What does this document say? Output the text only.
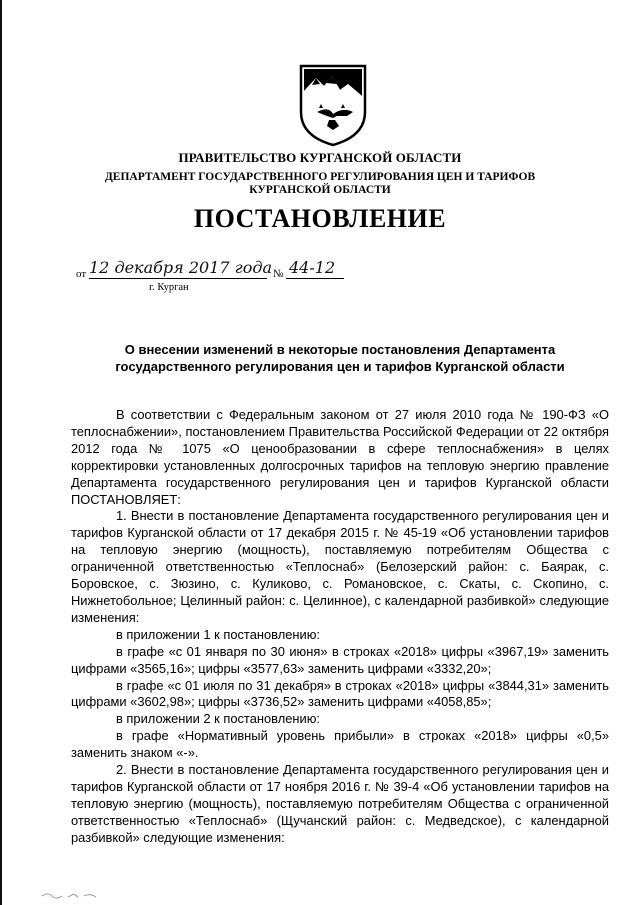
ПРАВИТЕЛЬСТВО КУРГАНСКОЙ ОБЛАСТИ
ДЕПАРТАМЕНТ ГОСУДАРСТВЕННОГО РЕГУЛИРОВАНИЯ ЦЕН И ТАРИФОВ
КУРГАНСКОЙ ОБЛАСТИ
ПОСТАНОВЛЕНИЕ
от 12 декабря 2017 года № 44-12
г. Курган
О внесении изменений в некоторые постановления Департамента государственного регулирования цен и тарифов Курганской области

В соответствии с Федеральным законом от 27 июля 2010 года № 190-ФЗ «О теплоснабжении», постановлением Правительства Российской Федерации от 22 октября 2012 года № 1075 «О ценообразовании в сфере теплоснабжения» в целях корректировки установленных долгосрочных тарифов на тепловую энергию правление Департамента государственного регулирования цен и тарифов Курганской области ПОСТАНОВЛЯЕТ:

1. Внести в постановление Департамента государственного регулирования цен и тарифов Курганской области от 17 декабря 2015 г. № 45-19 «Об установлении тарифов на тепловую энергию (мощность), поставляемую потребителям Общества с ограниченной ответственностью «Теплоснаб» (Белозерский район: с. Баярак, с. Боровское, с. Зюзино, с. Куликово, с. Романовское, с. Скаты, с. Скопино, с. Нижнетобольное; Целинный район: с. Целинное), с календарной разбивкой» следующие изменения:

в приложении 1 к постановлению:

в графе «с 01 января по 30 июня» в строках «2018» цифры «3967,19» заменить цифрами «3565,16»; цифры «3577,63» заменить цифрами «3332,20»;

в графе «с 01 июля по 31 декабря» в строках «2018» цифры «3844,31» заменить цифрами «3602,98»; цифры «3736,52» заменить цифрами «4058,85»;

в приложении 2 к постановлению:

в графе «Нормативный уровень прибыли» в строках «2018» цифры «0,5» заменить знаком «-».

2. Внести в постановление Департамента государственного регулирования цен и тарифов Курганской области от 17 ноября 2016 г. № 39-4 «Об установлении тарифов на тепловую энергию (мощность), поставляемую потребителям Общества с ограниченной ответственностью «Теплоснаб» (Щучанский район: с. Медведское), с календарной разбивкой» следующие изменения:
